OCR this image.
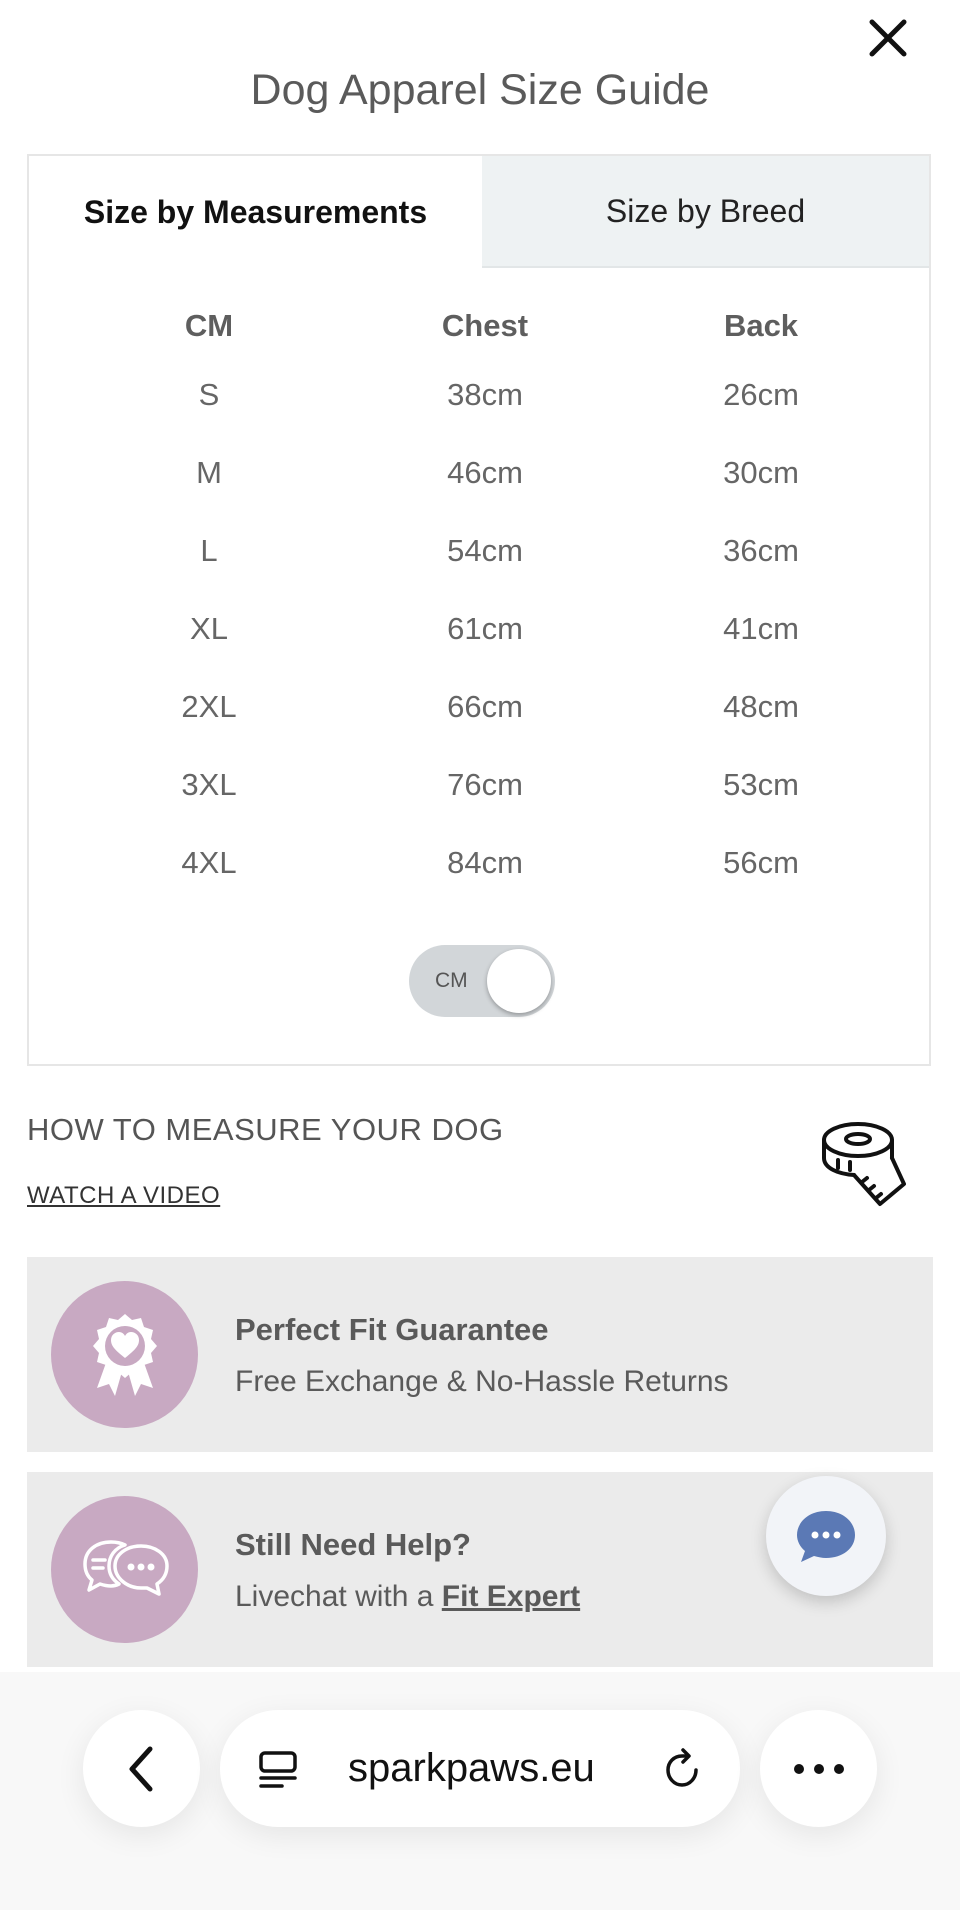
Dog Apparel Size Guide
Size by Measurements	Size by Breed
CM	Chest	Back
S	38cm	26cm
M	46cm	30cm
L	54cm	36cm
XL	61cm	41cm
2XL	66cm	48cm
3XL	76cm	53cm
4XL	84cm	56cm
CM
HOW TO MEASURE YOUR DOG
WATCH A VIDEO
Perfect Fit Guarantee
Free Exchange & No-Hassle Returns
Still Need Help?
Livechat with a Fit Expert
sparkpaws.eu
